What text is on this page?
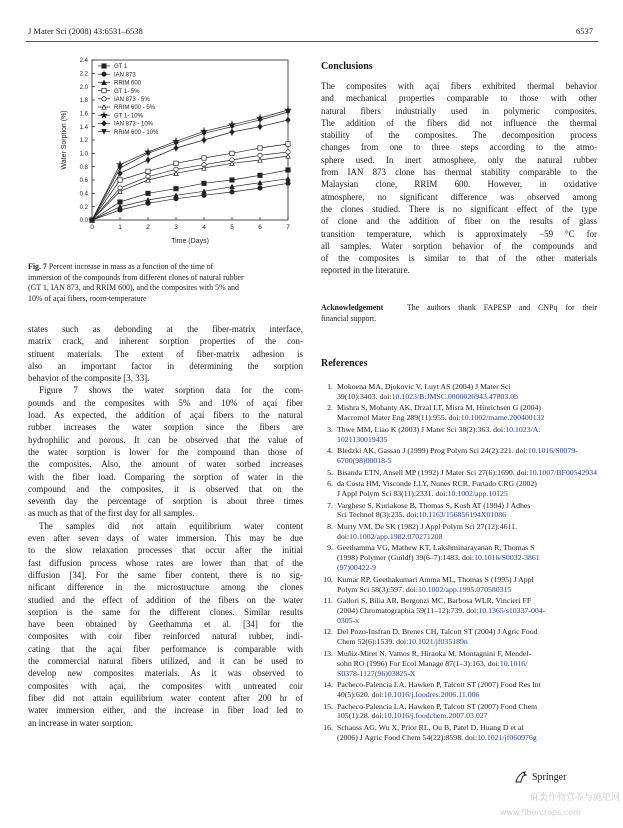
J Mater Sci (2008) 43:6531–6538	6537
0.0
0.2
0.4
0.6
0.8
1.0
1.2
1.4
1.6
1.8
2.0
2.2
2.4
0	1	2	3	4	5	6	7
Time (Days)
Water Sorption (%)
GT 1
IAN 873
RRIM 600
GT 1- 5%
IAN 873 - 5%
RRIM 600 - 5%
GT 1- 10%
IAN 873 - 10%
RRIM 600 - 10%
Fig. 7 Percent increase in mass as a function of the time of
immersion of the compounds from different clones of natural rubber
(GT 1, IAN 873, and RRIM 600), and the composites with 5% and
10% of açaí fibers, room-temperature
states such as debonding at the fiber-matrix interface,
matrix crack, and inherent sorption properties of the con-
stituent materials. The extent of fiber-matrix adhesion is
also an important factor in determining the sorption
behavior of the composite [3, 33].
Figure 7 shows the water sorption data for the com-
pounds and the composites with 5% and 10% of açaí fiber
load. As expected, the addition of açaí fibers to the natural
rubber increases the water sorption since the fibers are
hydrophilic and porous. It can be observed that the value of
the water sorption is lower for the compound than those of
the composites. Also, the amount of water sorbed increases
with the fiber load. Comparing the sorption of water in the
compound and the composites, it is observed that on the
seventh day the percentage of sorption is about three times
as much as that of the first day for all samples.
The samples did not attain equilibrium water content
even after seven days of water immersion. This may be due
to the slow relaxation processes that occur after the initial
fast diffusion process whose rates are lower than that of the
diffusion [34]. For the same fiber content, there is no sig-
nificant difference in the microstructure among the clones
studied and the effect of addition of the fibers on the water
sorption is the same for the different clones. Similar results
have been obtained by Geethamma et al. [34] for the
composites with coir fiber reinforced natural rubber, indi-
cating that the açaí fiber performance is comparable with
the commercial natural fibers utilized, and it can be used to
develop new composites materials. As it was observed to
composites with açaí, the composites with untreated coir
fiber did not attain equilibrium water content after 200 hr of
water immersion either, and the increase in fiber load led to
an increase in water sorption.
Conclusions
The composites with açaí fibers exhibited thermal behavior
and mechanical properties comparable to those with other
natural fibers industrially used in polymeric composites.
The addition of the fibers did not influence the thermal
stability of the composites. The decomposition process
changes from one to three steps according to the atmo-
sphere used. In inert atmosphere, only the natural rubber
from IAN 873 clone has thermal stability comparable to the
Malaysian clone, RRIM 600. However, in oxidative
atmosphere, no significant difference was observed among
the clones studied. There is no significant effect of the type
of clone and the addition of fiber on the results of glass
transition temperature, which is approximately −59 °C for
all samples. Water sorption behavior of the compounds and
of the composites is similar to that of the other materials
reported in the literature.
Acknowledgement	The authors thank FAPESP and CNPq for their
financial support.
References
1. Mokoena MA, Djokovic V, Luyt AS (2004) J Mater Sci
39(10):3403. doi:10.1023/B:JMSC.0000026943.47803.0b
2. Mishra S, Mohanty AK, Drzal LT, Misra M, Hinrichsen G (2004)
Macromol Mater Eng 289(11):955. doi:10.1002/mame.200400132
3. Thwe MM, Liao K (2003) J Mater Sci 38(2):363. doi:10.1023/A:
1021130019435
4. Bledzki AK, Gassan J (1999) Prog Polym Sci 24(2):221. doi:10.1016/S0079-6700(98)00018-5
5. Bisanda ETN, Ansell MP (1992) J Mater Sci 27(6):1690. doi:10.1007/BF00542934
6. da Costa HM, Visconde LLY, Nunes RCR, Furtado CRG (2002)
J Appl Polym Sci 83(11):2331. doi:10.1002/app.10125
7. Varghese S, Kuriakose B, Thomas S, Kosh AT (1994) J Adhes
Sci Technol 8(3):235. doi:10.1163/156856194X01086
8. Murty VM, De SK (1982) J Appl Polym Sci 27(12):4611. doi:10.1002/app.1982.070271208
9. Geethamma VG, Mathew KT, Lakshminarayanan R, Thomas S
(1998) Polymer (Guildf) 39(6–7):1483. doi:10.1016/S0032-3861
(97)00422-9
10. Kumar RP, Geethakumari Amma ML, Thomas S (1995) J Appl
Polym Sci 58(3):597. doi:10.1002/app.1995.070580315
11. Gallori S, Bilia AR, Bergonzi MC, Barbosa WLR, Vincieri FF
(2004) Chromatographia 59(11–12):739. doi:10.1365/s10337-004-
0305-x
12. Del Pozo-Insfran D, Brenes CH, Talcott ST (2004) J Agric Food
Chem 52(6):1539. doi:10.1021/jf035189n
13. Muñiz-Miret N, Vamos R, Hiraoka M, Montagnini F, Mendel-
sohn RO (1996) For Ecol Manage 87(1–3):163. doi:10.1016/
S0378-1127(96)03825-X
14. Pacheco-Palencia LA, Hawken P, Talcott ST (2007) Food Res Int
40(5):620. doi:10.1016/j.foodres.2006.11.006
15. Pacheco-Palencia LA, Hawken P, Talcott ST (2007) Food Chem
105(1):28. doi:10.1016/j.foodchem.2007.03.027
16. Schauss AG, Wu X, Prior RL, Ou B, Patel D, Huang D et al
(2006) J Agric Food Chem 54(22):8598. doi:10.1021/jf060976g
Springer
麻类作物营养与施肥网
www.fibercrops.com
